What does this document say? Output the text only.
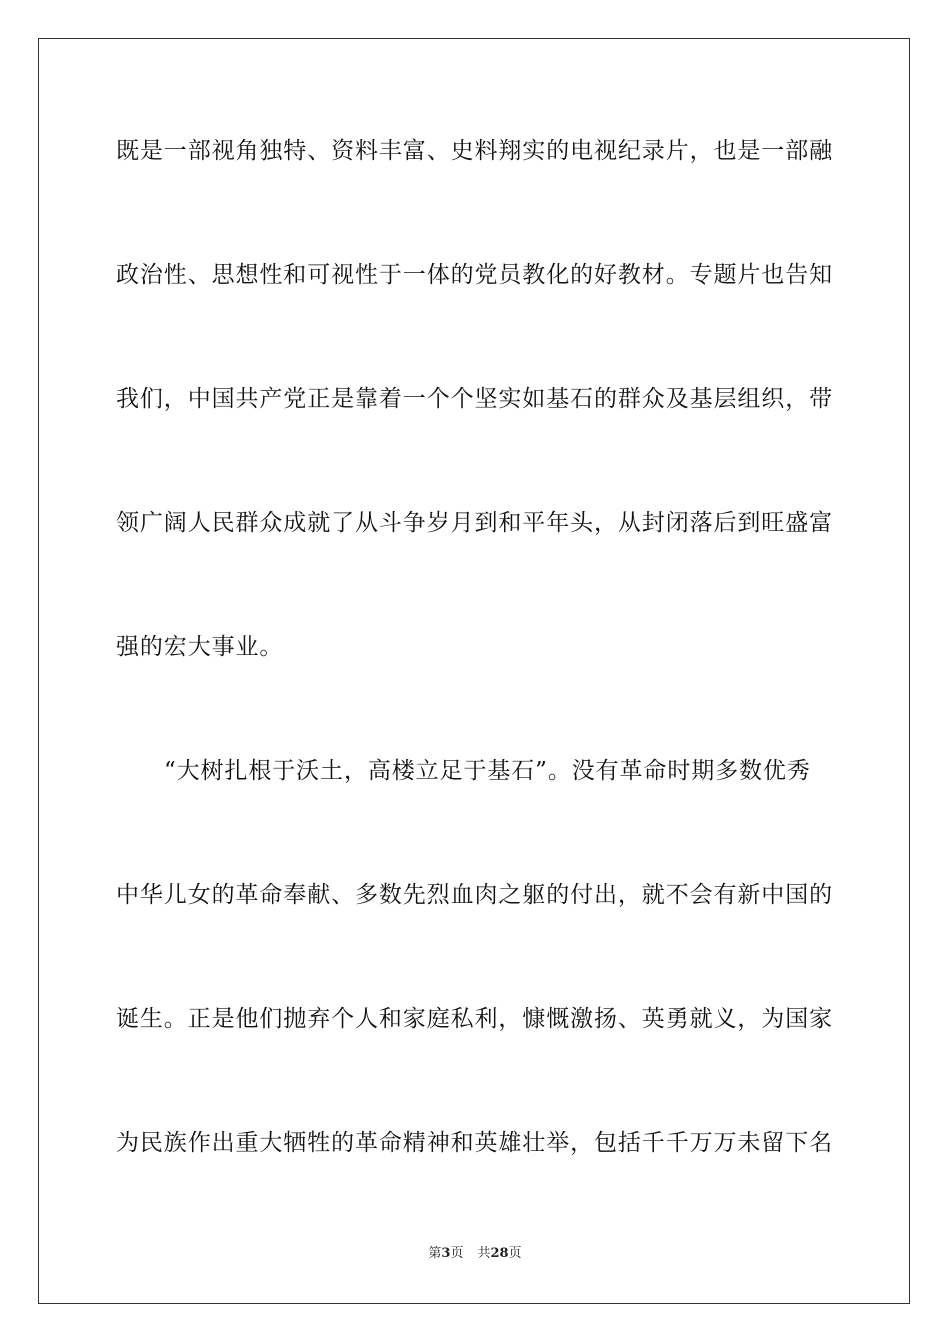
既是一部视角独特、资料丰富、史料翔实的电视纪录片，也是一部融

政治性、思想性和可视性于一体的党员教化的好教材。专题片也告知

我们，中国共产党正是靠着一个个坚实如基石的群众及基层组织，带

领广阔人民群众成就了从斗争岁月到和平年头，从封闭落后到旺盛富

强的宏大事业。

“大树扎根于沃土，高楼立足于基石”。没有革命时期多数优秀

中华儿女的革命奉献、多数先烈血肉之躯的付出，就不会有新中国的

诞生。正是他们抛弃个人和家庭私利，慷慨激扬、英勇就义，为国家

为民族作出重大牺牲的革命精神和英雄壮举，包括千千万万未留下名

第3页 共28页
